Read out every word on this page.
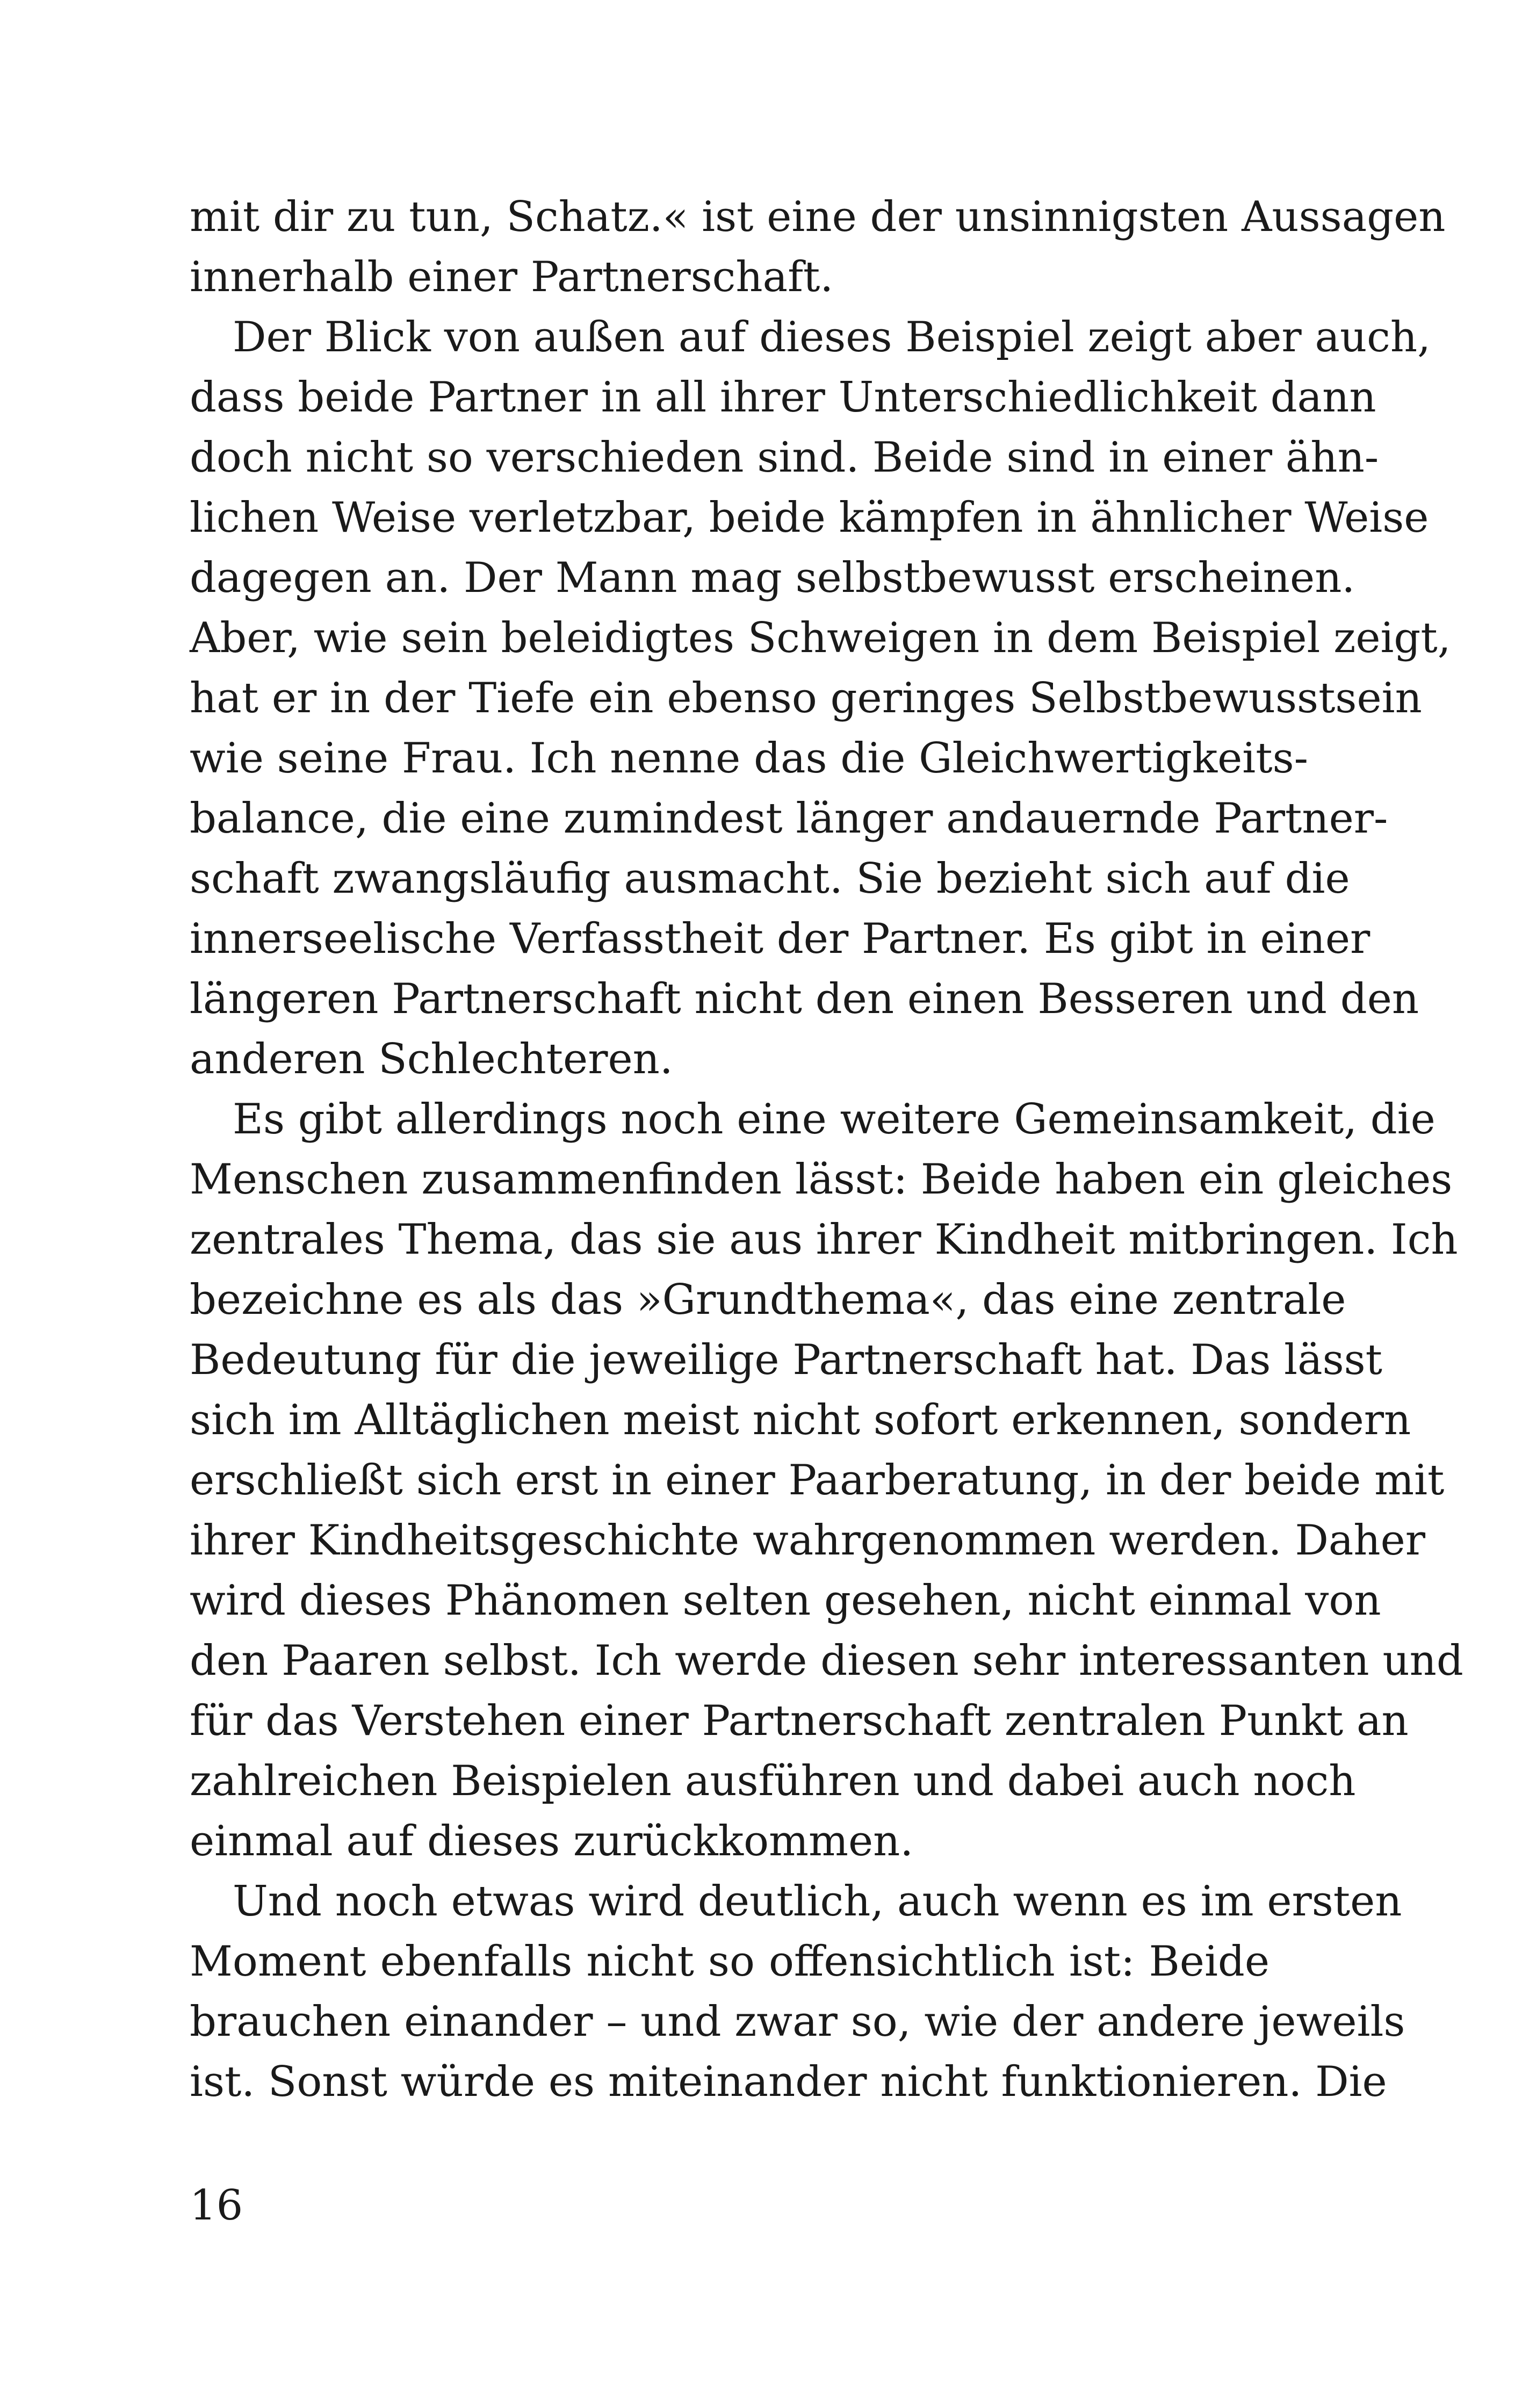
mit dir zu tun, Schatz.« ist eine der unsinnigsten Aussagen
innerhalb einer Partnerschaft.
Der Blick von außen auf dieses Beispiel zeigt aber auch,
dass beide Partner in all ihrer Unterschiedlichkeit dann
doch nicht so verschieden sind. Beide sind in einer ähn-
lichen Weise verletzbar, beide kämpfen in ähnlicher Weise
dagegen an. Der Mann mag selbstbewusst erscheinen.
Aber, wie sein beleidigtes Schweigen in dem Beispiel zeigt,
hat er in der Tiefe ein ebenso geringes Selbstbewusstsein
wie seine Frau. Ich nenne das die Gleichwertigkeits-
balance, die eine zumindest länger andauernde Partner-
schaft zwangsläufig ausmacht. Sie bezieht sich auf die
innerseelische Verfasstheit der Partner. Es gibt in einer
längeren Partnerschaft nicht den einen Besseren und den
anderen Schlechteren.
Es gibt allerdings noch eine weitere Gemeinsamkeit, die
Menschen zusammenfinden lässt: Beide haben ein gleiches
zentrales Thema, das sie aus ihrer Kindheit mitbringen. Ich
bezeichne es als das »Grundthema«, das eine zentrale
Bedeutung für die jeweilige Partnerschaft hat. Das lässt
sich im Alltäglichen meist nicht sofort erkennen, sondern
erschließt sich erst in einer Paarberatung, in der beide mit
ihrer Kindheitsgeschichte wahrgenommen werden. Daher
wird dieses Phänomen selten gesehen, nicht einmal von
den Paaren selbst. Ich werde diesen sehr interessanten und
für das Verstehen einer Partnerschaft zentralen Punkt an
zahlreichen Beispielen ausführen und dabei auch noch
einmal auf dieses zurückkommen.
Und noch etwas wird deutlich, auch wenn es im ersten
Moment ebenfalls nicht so offensichtlich ist: Beide
brauchen einander – und zwar so, wie der andere jeweils
ist. Sonst würde es miteinander nicht funktionieren. Die
16
